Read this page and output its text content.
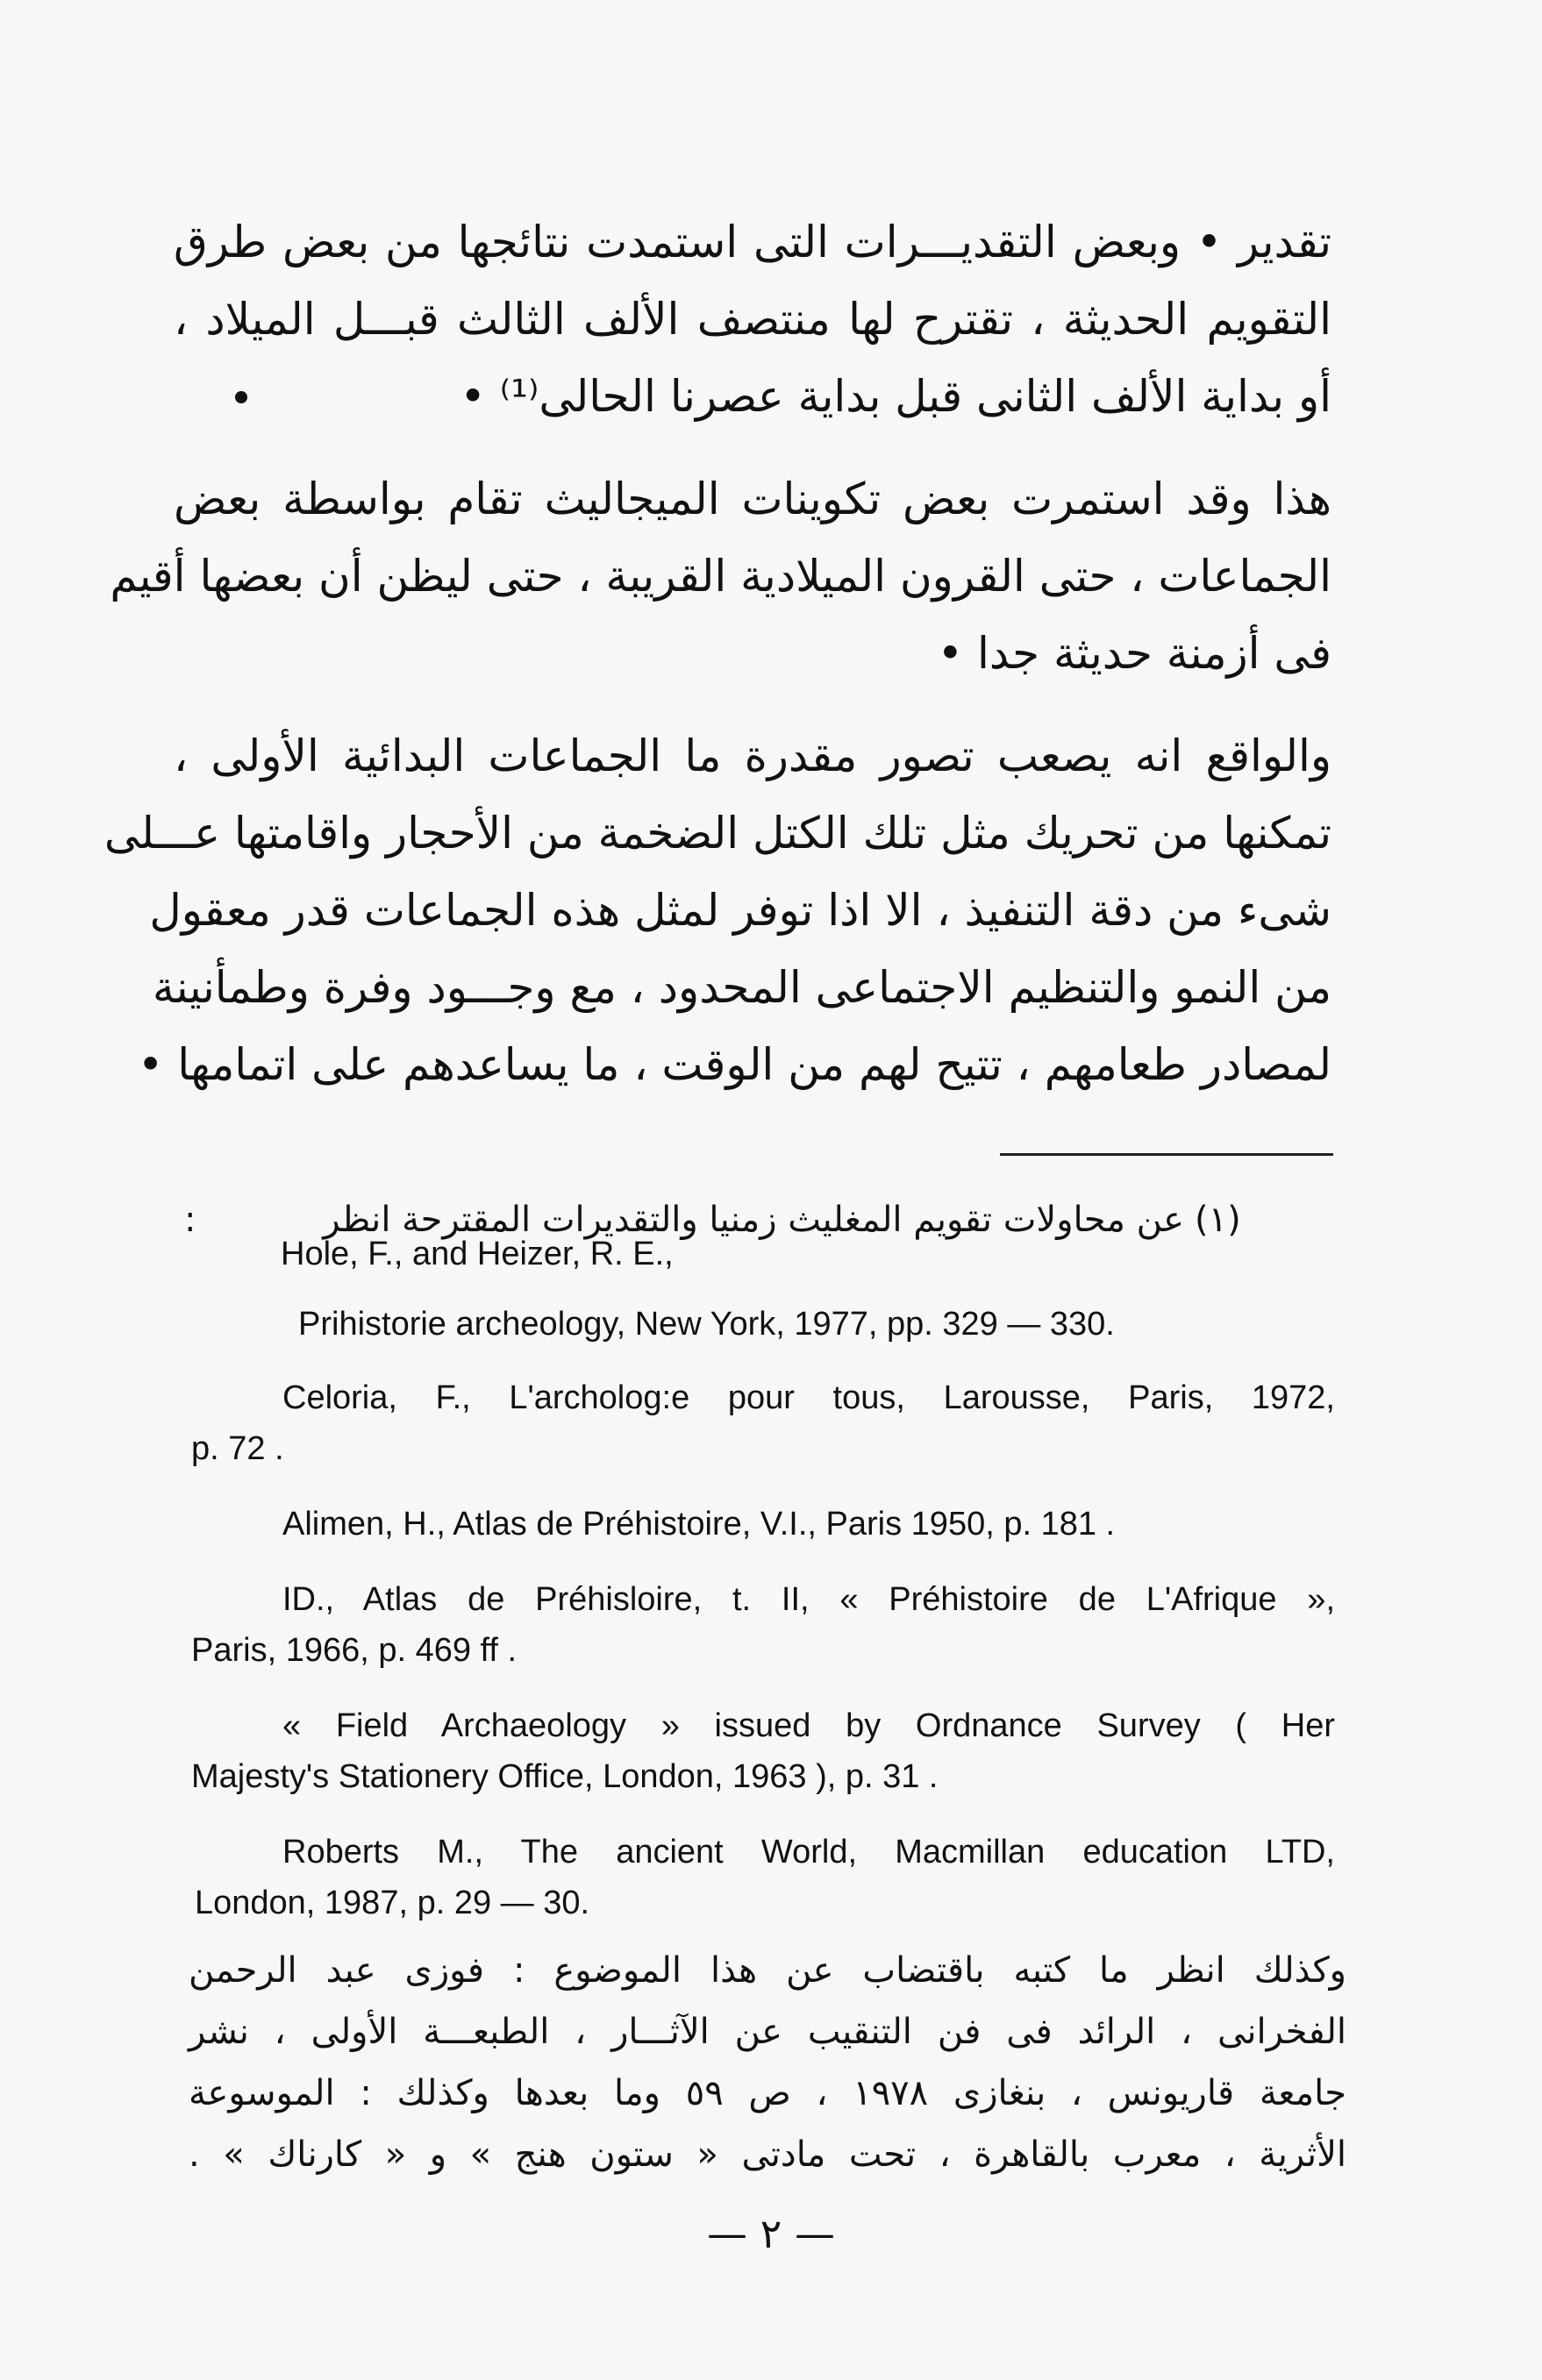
تقدير • وبعض التقديـــرات التى استمدت نتائجها من بعض طرق
التقويم الحديثة ، تقترح لها منتصف الألف الثالث قبـــل الميلاد ،
أو بداية الألف الثانى قبل بداية عصرنا الحالى⁽¹⁾ •

هذا وقد استمرت بعض تكوينات الميجاليث تقام بواسطة بعض
الجماعات ، حتى القرون الميلادية القريبة ، حتى ليظن أن بعضها أقيم
فى أزمنة حديثة جدا •

والواقع انه يصعب تصور مقدرة ما الجماعات البدائية الأولى ،
تمكنها من تحريك مثل تلك الكتل الضخمة من الأحجار واقامتها عـــلى
شىء من دقة التنفيذ ، الا اذا توفر لمثل هذه الجماعات قدر معقول
من النمو والتنظيم الاجتماعى المحدود ، مع وجـــود وفرة وطمأنينة
لمصادر طعامهم ، تتيح لهم من الوقت ، ما يساعدهم على اتمامها •

(١)
عن محاولات تقويم المغليث زمنيا والتقديرات المقترحة انظر
:

Hole, F., and Heizer, R. E.,

Prihistorie archeology, New York, 1977, pp. 329 — 330.

Celoria, F., L'archolog:e pour tous, Larousse, Paris, 1972,

p. 72 .

Alimen, H., Atlas de Préhistoire, V.I., Paris 1950, p. 181 .

ID., Atlas de Préhisloire, t. II, « Préhistoire de L'Afrique »,

Paris, 1966, p. 469 ff .

« Field Archaeology » issued by Ordnance Survey ( Her

Majesty's Stationery Office, London, 1963 ), p. 31 .

Roberts M., The ancient World, Macmillan education LTD,

London, 1987, p. 29 — 30.

وكذلك انظر ما كتبه باقتضاب عن هذا الموضوع : فوزى عبد الرحمن
الفخرانى ، الرائد فى فن التنقيب عن الآثـــار ، الطبعـــة الأولى ، نشر
جامعة قاريونس ، بنغازى ١٩٧٨ ، ص ٥٩ وما بعدها وكذلك : الموسوعة
الأثرية ، معرب بالقاهرة ، تحت مادتى « ستون هنج » و « كارناك » .

— ٢ —
